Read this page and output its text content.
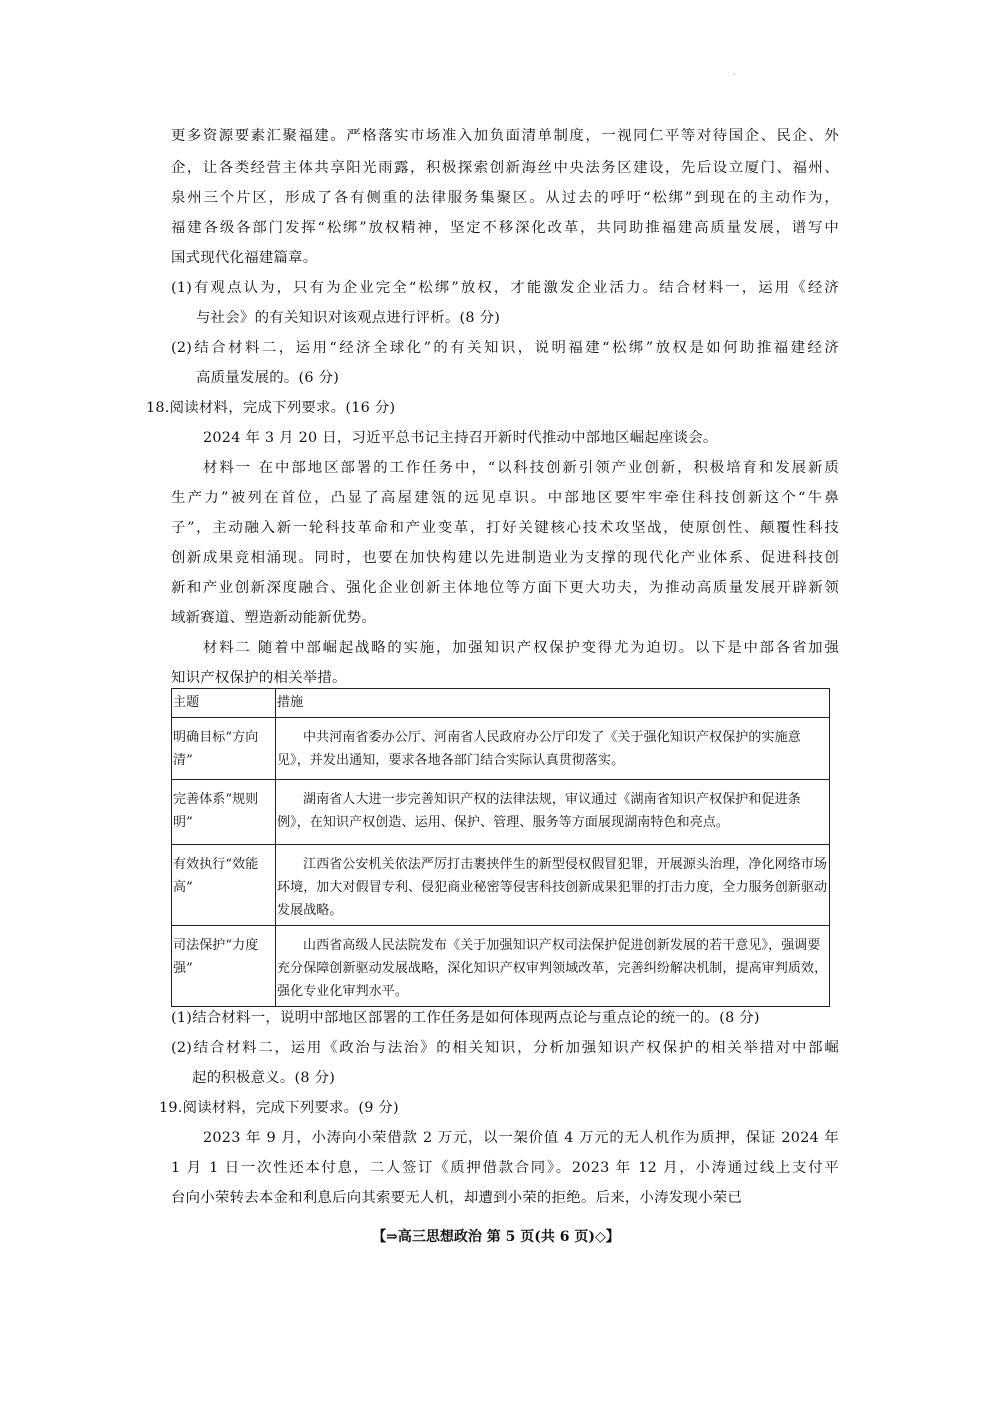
·
更多资源要素汇聚福建。严格落实市场准入加负面清单制度，一视同仁平等对待国企、民企、外
企，让各类经营主体共享阳光雨露，积极探索创新海丝中央法务区建设，先后设立厦门、福州、
泉州三个片区，形成了各有侧重的法律服务集聚区。从过去的呼吁“松绑”到现在的主动作为，
福建各级各部门发挥“松绑”放权精神，坚定不移深化改革，共同助推福建高质量发展，谱写中
国式现代化福建篇章。
(1)有观点认为，只有为企业完全“松绑”放权，才能激发企业活力。结合材料一，运用《经济
与社会》的有关知识对该观点进行评析。(8 分)
(2)结合材料二，运用“经济全球化”的有关知识，说明福建“松绑”放权是如何助推福建经济
高质量发展的。(6 分)
18.阅读材料，完成下列要求。(16 分)
2024 年 3 月 20 日，习近平总书记主持召开新时代推动中部地区崛起座谈会。
材料一 在中部地区部署的工作任务中，“以科技创新引领产业创新，积极培育和发展新质
生产力”被列在首位，凸显了高屋建瓴的远见卓识。中部地区要牢牢牵住科技创新这个“牛鼻
子”，主动融入新一轮科技革命和产业变革，打好关键核心技术攻坚战，使原创性、颠覆性科技
创新成果竞相涌现。同时，也要在加快构建以先进制造业为支撑的现代化产业体系、促进科技创
新和产业创新深度融合、强化企业创新主体地位等方面下更大功夫，为推动高质量发展开辟新领
域新赛道、塑造新动能新优势。
材料二 随着中部崛起战略的实施，加强知识产权保护变得尤为迫切。以下是中部各省加强
知识产权保护的相关举措。
主题	措施

明确目标“方向清”	中共河南省委办公厅、河南省人民政府办公厅印发了《关于强化知识产权保护的实施意见》，并发出通知，要求各地各部门结合实际认真贯彻落实。

完善体系“规则明”	湖南省人大进一步完善知识产权的法律法规，审议通过《湖南省知识产权保护和促进条例》，在知识产权创造、运用、保护、管理、服务等方面展现湖南特色和亮点。

有效执行“效能高”	江西省公安机关依法严厉打击裹挟伴生的新型侵权假冒犯罪，开展源头治理，净化网络市场环境，加大对假冒专利、侵犯商业秘密等侵害科技创新成果犯罪的打击力度，全力服务创新驱动发展战略。

司法保护“力度强”	山西省高级人民法院发布《关于加强知识产权司法保护促进创新发展的若干意见》，强调要充分保障创新驱动发展战略，深化知识产权审判领域改革，完善纠纷解决机制，提高审判质效，强化专业化审判水平。
(1)结合材料一，说明中部地区部署的工作任务是如何体现两点论与重点论的统一的。(8 分)
(2)结合材料二，运用《政治与法治》的相关知识，分析加强知识产权保护的相关举措对中部崛
起的积极意义。(8 分)
19.阅读材料，完成下列要求。(9 分)
2023 年 9 月，小涛向小荣借款 2 万元，以一架价值 4 万元的无人机作为质押，保证 2024 年
1 月 1 日一次性还本付息，二人签订《质押借款合同》。2023 年 12 月，小涛通过线上支付平
台向小荣转去本金和利息后向其索要无人机，却遭到小荣的拒绝。后来，小涛发现小荣已
【⇒高三思想政治 第 5 页(共 6 页)◇】
